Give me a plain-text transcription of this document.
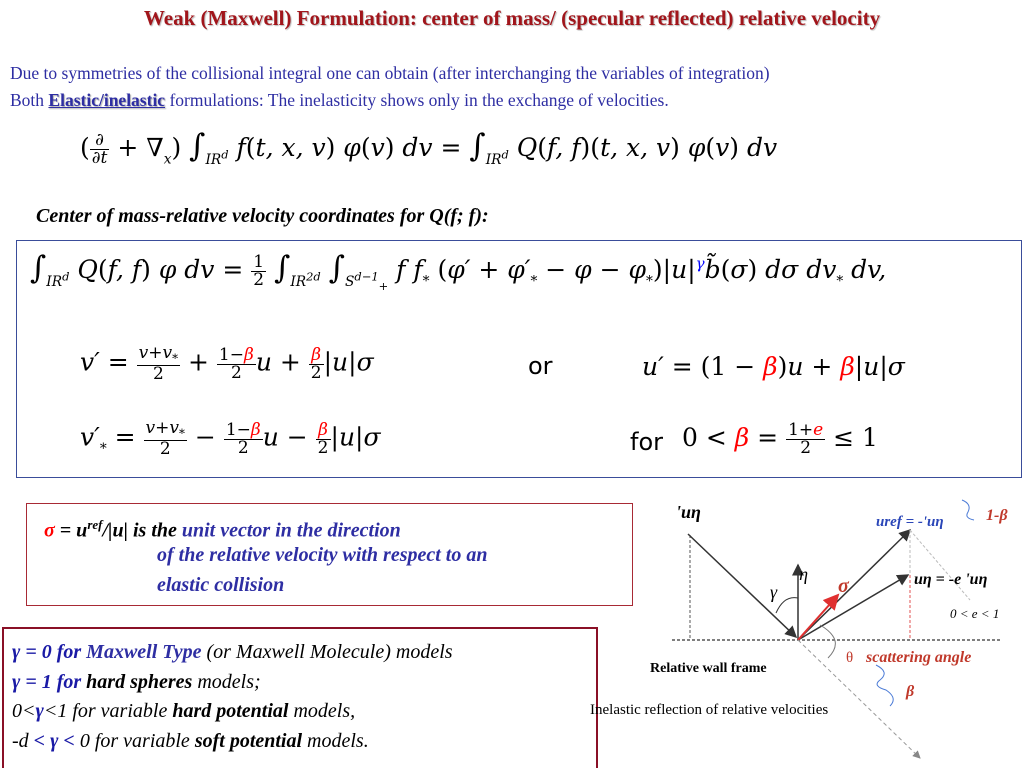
Weak (Maxwell) Formulation: center of mass/ (specular reflected) relative velocity
Due to symmetries of the collisional integral one can obtain (after interchanging the variables of integration)
Both Elastic/inelastic formulations: The inelasticity shows only in the exchange of velocities.
( $\frac{\partial}{\partial t} + \nabla_x$) $\int_{IR^d}$ f(t, x, v) φ(v) dv = $\int_{IR^d}$ Q(f, f)(t, x, v) φ(v) dv
Center of mass-relative velocity coordinates for Q(f; f):
$\int_{IR^d}$ Q(f, f) φ dv = $\frac{1}{2} \int_{IR^{2d}}$ $\int_{S^{d-1}_+}$ f $f_*$ ($\varphi' + \varphi'_* - \varphi$ − $\varphi_*)|u|^\gamma b̃(\sigma)$ dσ $dv_*$ dv,
$v' = \frac{v+v_*}{2} + \frac{1-\beta}{2}$ $u + \frac{\beta}{2} |u|\sigma$	or	u′ = (1 − β)u + β|u|σ
$v'_* = \frac{v+v_*}{2} - \frac{1-\beta}{2}$ $u - \frac{\beta}{2} |u|\sigma$	for $0 < \beta = \frac{1+e}{2} \le 1$
$\sigma = u^{ref}/|u|$ is the unit vector in the direction
of the relative velocity with respect to an
elastic collision
γ = 0 for Maxwell Type (or Maxwell Molecule) models
γ = 1 for hard spheres models;
0<γ<1 for variable hard potential models,
-d < γ < 0 for variable soft potential models.
'uη	uref = -'uη	1-β
η
γ	σ	uη = -e 'uη
0 < e < 1
Relative wall frame
θ scattering angle
β
Inelastic reflection of relative velocities
